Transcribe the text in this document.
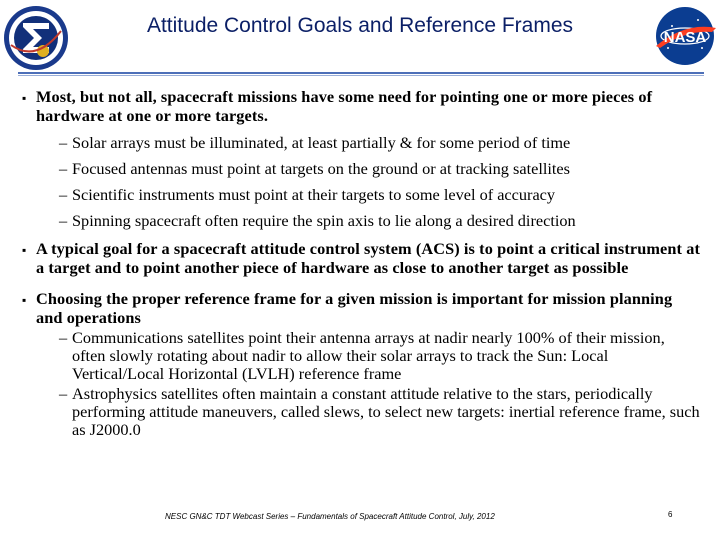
Attitude Control Goals and Reference Frames
NASA
▪ Most, but not all, spacecraft missions have some need for pointing one or more pieces of hardware at one or more targets.
– Solar arrays must be illuminated, at least partially & for some period of time
– Focused antennas must point at targets on the ground or at tracking satellites
– Scientific instruments must point at their targets to some level of accuracy
– Spinning spacecraft often require the spin axis to lie along a desired direction
▪ A typical goal for a spacecraft attitude control system (ACS) is to point a critical instrument at a target and to point another piece of hardware as close to another target as possible
▪ Choosing the proper reference frame for a given mission is important for mission planning and operations
– Communications satellites point their antenna arrays at nadir nearly 100% of their mission, often slowly rotating about nadir to allow their solar arrays to track the Sun: Local Vertical/Local Horizontal (LVLH) reference frame
– Astrophysics satellites often maintain a constant attitude relative to the stars, periodically performing attitude maneuvers, called slews, to select new targets: inertial reference frame, such as J2000.0
NESC GN&C TDT Webcast Series – Fundamentals of Spacecraft Attitude Control, July, 2012	6
